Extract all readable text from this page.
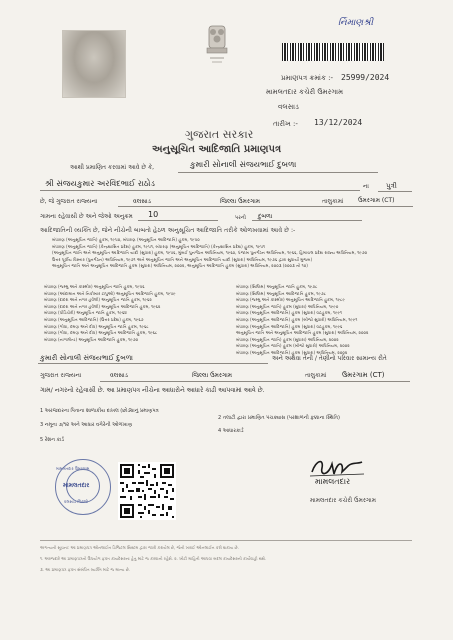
ર્નિમાણશ્રી
પ્રમાણપત્ર ક્રમાંક :- 25999/2024
મામલતદાર કચેરી ઉમરગામ
વલસાડ
તારીખ :- 13/12/2024
ગુજરાત સરકાર
અનુસૂચિત આદિજાતિ પ્રમાણપત્ર
આથી પ્રમાણિત કરવામાં આવે છે કે,	કુમારી સોનાલી સંજયભાઈ દુબળા
શ્રી સંજયકુમાર અરવિંદભાઈ રાઠોડ	ના પુત્રી
છે, જે ગુજરાત રાજ્યના	વલસાડ	જિલ્લા ઉમરગામ	તાલુકામાં ઉમરગામ (CT)
ગામના રહેવાસી છે અને જેઓ અનુક્રમ 10	પરની દુબળા
આદિજાતિની વ્યક્તિ છે, જેને નીચેની બાબતો હેઠળ અનુસૂચિત આદિજાતિ તરીકે ઓળખવામાં આવે છે :-
બંધારણ (અનુસૂચિત જાતિ) હુકમ, ૧૯૫૦, બંધારણ (અનુસૂચિત આદિજાતિ) હુકમ, ૧૯૫૦
બંધારણ (અનુસૂચિત જાતિ) (કેન્દ્રશાસિત પ્રદેશ) હુકમ, ૧૯૫૧, બંધારણ (અનુસૂચિત આદિજાતિ) (કેન્દ્રશાસિત પ્રદેશ) હુકમ, ૧૯૫૧
(અનુસૂચિત જાતિ અને અનુસૂચિત આદિજાતિ યાદી (સુધારા) હુકમ, ૧૯૫૬, મુંબઈ પુનર્ગઠન અધિનિયમ, ૧૯૬૦, પંજાબ પુનર્ગઠન અધિનિયમ, ૧૯૬૬, હિમાચલ પ્રદેશ રાજ્ય અધિનિયમ, ૧૯૭૦
ઉત્તર પૂર્વીય વિસ્તાર (પુનર્ગઠન) અધિનિયમ, ૧૯૭૧ અને અનુસૂચિત જાતિ અને અનુસૂચિત આદિજાતિ યાદી (સુધારા) અધિનિયમ, ૧૯૭૬ દ્વારા સુધાર્યા મુજબ)
અનુસૂચિત જાતિ અને અનુસૂચિત આદિજાતિ હુકમ (સુધારા) અધિનિયમ, ૨૦૦૨, અનુસૂચિત આદિજાતિ હુકમ (સુધારા) અધિનિયમ, ૨૦૦૩ (૨૦૦૩ નો ૧૦)
બંધારણ (જમ્મુ અને કાશ્મીર) અનુસૂચિત જાતિ હુકમ, ૧૯૫૬
બંધારણ (આંદામાન અને નિકોબાર ટાપુઓ) અનુસૂચિત આદિજાતિ હુકમ, ૧૯૫૯
બંધારણ (દાદરા અને નગર હવેલી) અનુસૂચિત જાતિ હુકમ, ૧૯૬૨
બંધારણ (દાદરા અને નગર હવેલી) અનુસૂચિત આદિજાતિ હુકમ, ૧૯૬૨
બંધારણ (પોંડિચેરી) અનુસૂચિત જાતિ હુકમ, ૧૯૬૪
બંધારણ (અનુસૂચિત આદિજાતિ) (ઉત્તર પ્રદેશ) હુકમ, ૧૯૬૭
બંધારણ (ગોવા, દમણ અને દીવ) અનુસૂચિત જાતિ હુકમ, ૧૯૬૮
બંધારણ (ગોવા, દમણ અને દીવ) અનુસૂચિત આદિજાતિ હુકમ, ૧૯૬૮
બંધારણ (નાગાલેન્ડ) અનુસૂચિત આદિજાતિ હુકમ, ૧૯૭૦
બંધારણ (સિક્કિમ) અનુસૂચિત જાતિ હુકમ, ૧૯૭૮
બંધારણ (સિક્કિમ) અનુસૂચિત આદિજાતિ હુકમ, ૧૯૭૮
બંધારણ (જમ્મુ અને કાશ્મીર) અનુસૂચિત આદિજાતિ હુકમ, ૧૯૮૯
બંધારણ (અનુસૂચિત જાતિ) હુકમ (સુધારા) અધિનિયમ, ૧૯૯૦
બંધારણ (અનુસૂચિત આદિજાતિ) હુકમ (સુધારા) વટહુકમ, ૧૯૯૧
બંધારણ (અનુસૂચિત આદિજાતિ) હુકમ (બીજો સુધારો) અધિનિયમ, ૧૯૯૧
બંધારણ (અનુસૂચિત આદિજાતિ) હુકમ (સુધારા) વટહુકમ, ૧૯૯૬
અનુસૂચિત જાતિ અને અનુસૂચિત આદિજાતિ હુકમ (સુધારા) અધિનિયમ, ૨૦૦૨
બંધારણ (અનુસૂચિત જાતિ) હુકમ (સુધારા) અધિનિયમ, ૨૦૦૨
બંધારણ (અનુસૂચિત જાતિ) હુકમ (બીજો સુધારો) અધિનિયમ, ૨૦૦૨
બંધારણ (અનુસૂચિત આદિજાતિ) હુકમ (સુધારા) અધિનિયમ, ૨૦૦૨
કુમારી સોનાલી સંજયભાઈ દુબળા	અને અથવા તેની / તેણીનો પરિવાર સામાન્ય રીતે
ગુજરાત રાજ્યના	વલસાડ	જિલ્લા ઉમરગામ	તાલુકામાં ઉમરગામ (CT)
ગામ/ નગરનો રહેવાસી છે. આ પ્રમાણપત્ર નીચેના આધારોને આધારે કાઢી આપવામાં આવે છે.
1 અરજદારના પિતાના શાળાકીય દાખલ (છોડ્યાનું પ્રમાણપત્ર
2 તલાટી દ્વારા પ્રમાણિત પંચક્યાસ (પરશાળની ફક્કાના સ્થિતિ)
3 નમૂના ૭/૧૨ અને આધાર વગેરેની ઓળખાણ
4 આધારકાર્ડ
5 રેશન કાર્ડ
મામલતદાર ઉમરગામ
મામલતદાર
વલસાડ જિલ્લો
મામલતદાર
મામલતદાર કચેરી ઉમરગામ
અગત્યની સૂચના: આ પ્રમાણપત્ર ઓનલાઈન ડિજિટલ સિસ્ટમ દ્વારા જારી કરાયેલ છે, જેની ખરાઈ ઓનલાઈન કરી શકાય છે.
૧. અરજદારે આ પ્રમાણપત્રનો ઉપયોગ ફક્ત કાયદેસરના હેતુ માટે જ કરવાનો રહેશે. ૨. ખોટી માહિતી આપવા બદલ કાયદેસરની કાર્યવાહી થશે.
૩. આ પ્રમાણપત્ર ફક્ત સંબંધિત વ્યક્તિ માટે જ માન્ય છે.
